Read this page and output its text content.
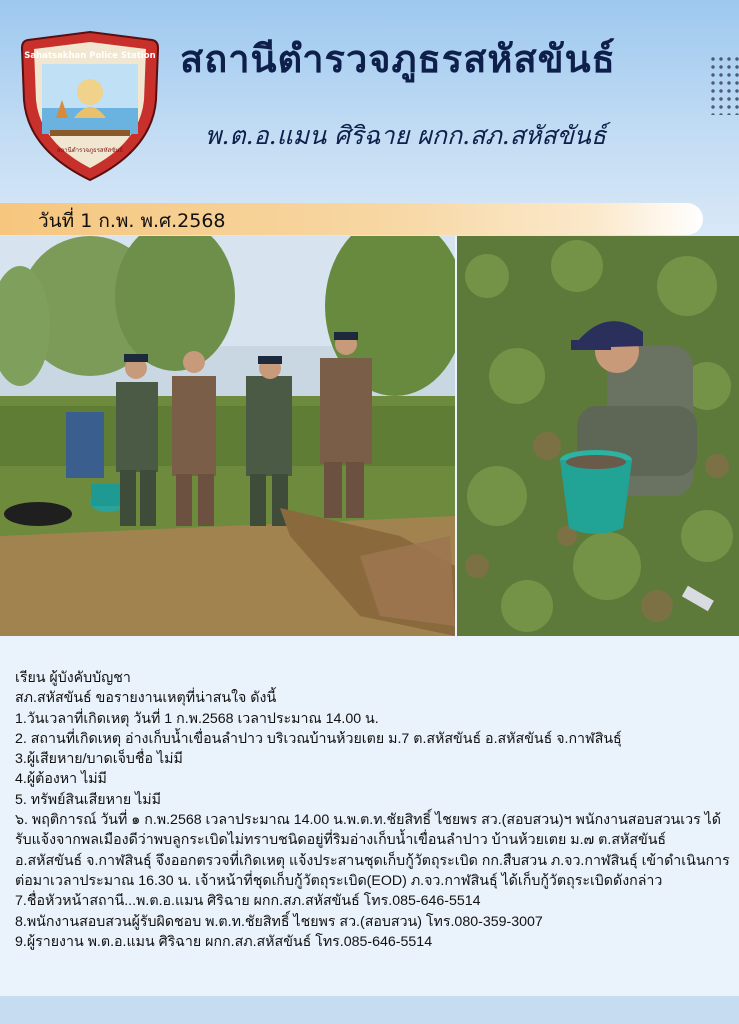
Sahatsakhan Police Station
สถานีตำรวจภูธรสหัสขันธ์
สถานีตำรวจภูธรสหัสขันธ์
พ.ต.อ.แมน ศิริฉาย ผกก.สภ.สหัสขันธ์
วันที่ 1 ก.พ. พ.ศ.2568

เรียน ผู้บังคับบัญชา

สภ.สหัสขันธ์ ขอรายงานเหตุที่น่าสนใจ ดังนี้

1.วันเวลาที่เกิดเหตุ วันที่ 1 ก.พ.2568 เวลาประมาณ 14.00 น.

2. สถานที่เกิดเหตุ อ่างเก็บน้ำเขื่อนลำปาว บริเวณบ้านห้วยเตย ม.7 ต.สหัสขันธ์ อ.สหัสขันธ์ จ.กาฬสินธุ์

3.ผู้เสียหาย/บาดเจ็บชื่อ ไม่มี

4.ผู้ต้องหา ไม่มี

5. ทรัพย์สินเสียหาย ไม่มี

๖. พฤติการณ์ วันที่ ๑ ก.พ.2568 เวลาประมาณ 14.00 น.พ.ต.ท.ชัยสิทธิ์ ไชยพร สว.(สอบสวน)ฯ พนักงานสอบสวนเวร ได้รับแจ้งจากพลเมืองดีว่าพบลูกระเบิดไม่ทราบชนิดอยู่ที่ริมอ่างเก็บน้ำเขื่อนลำปาว บ้านห้วยเตย ม.๗ ต.สหัสขันธ์ อ.สหัสขันธ์ จ.กาฬสินธุ์ จึงออกตรวจที่เกิดเหตุ แจ้งประสานชุดเก็บกู้วัตถุระเบิด กก.สืบสวน ภ.จว.กาฬสินธุ์ เข้าดำเนินการ ต่อมาเวลาประมาณ 16.30 น. เจ้าหน้าที่ชุดเก็บกู้วัตถุระเบิด(EOD) ภ.จว.กาฬสินธุ์ ได้เก็บกู้วัตถุระเบิดดังกล่าว

7.ชื่อหัวหน้าสถานี...พ.ต.อ.แมน ศิริฉาย ผกก.สภ.สหัสขันธ์ โทร.085-646-5514

8.พนักงานสอบสวนผู้รับผิดชอบ พ.ต.ท.ชัยสิทธิ์ ไชยพร สว.(สอบสวน) โทร.080-359-3007

9.ผู้รายงาน พ.ต.อ.แมน ศิริฉาย ผกก.สภ.สหัสขันธ์ โทร.085-646-5514
